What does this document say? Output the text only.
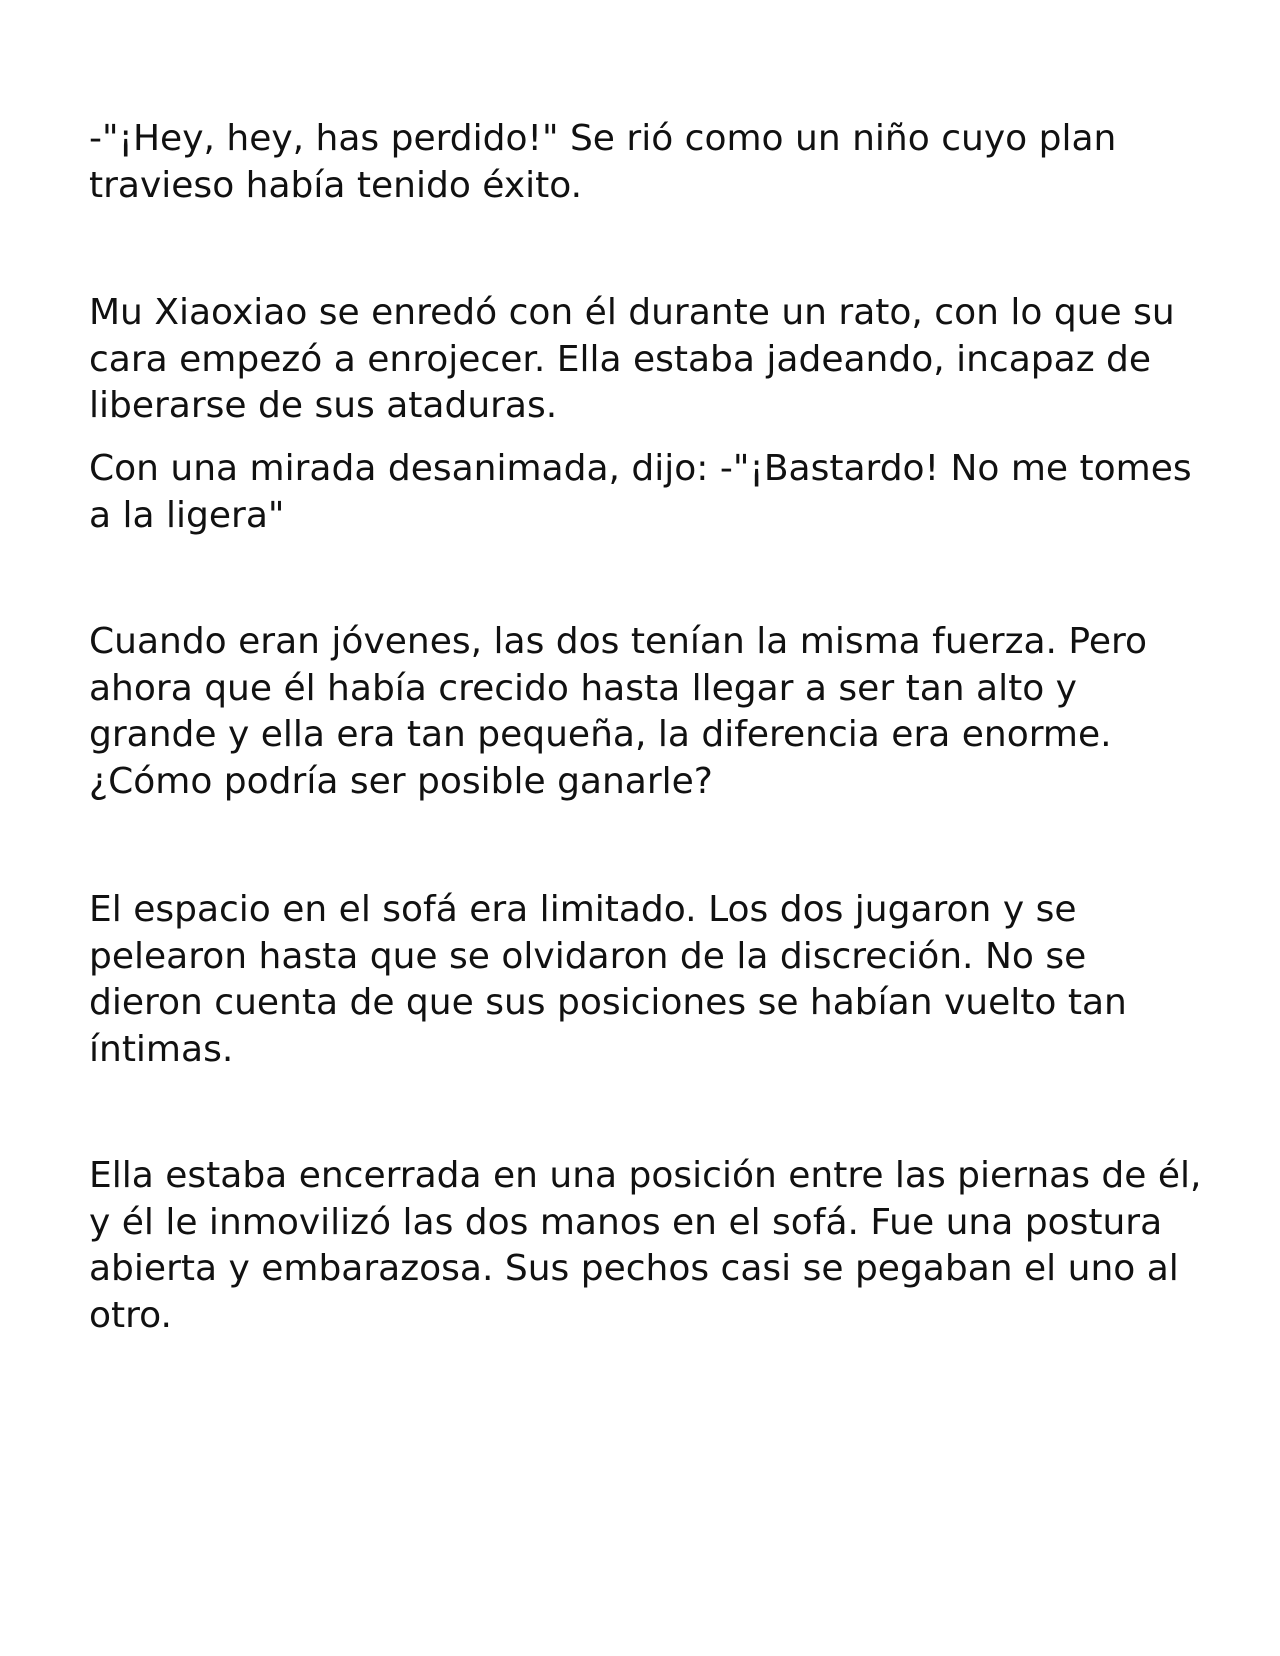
-"¡Hey, hey, has perdido!" Se rió como un niño cuyo plan travieso había tenido éxito.

Mu Xiaoxiao se enredó con él durante un rato, con lo que su cara empezó a enrojecer. Ella estaba jadeando, incapaz de liberarse de sus ataduras.

Con una mirada desanimada, dijo: -"¡Bastardo! No me tomes a la ligera"

Cuando eran jóvenes, las dos tenían la misma fuerza. Pero ahora que él había crecido hasta llegar a ser tan alto y grande y ella era tan pequeña, la diferencia era enorme. ¿Cómo podría ser posible ganarle?

El espacio en el sofá era limitado. Los dos jugaron y se pelearon hasta que se olvidaron de la discreción. No se dieron cuenta de que sus posiciones se habían vuelto tan íntimas.

Ella estaba encerrada en una posición entre las piernas de él, y él le inmovilizó las dos manos en el sofá. Fue una postura abierta y embarazosa. Sus pechos casi se pegaban el uno al otro.
